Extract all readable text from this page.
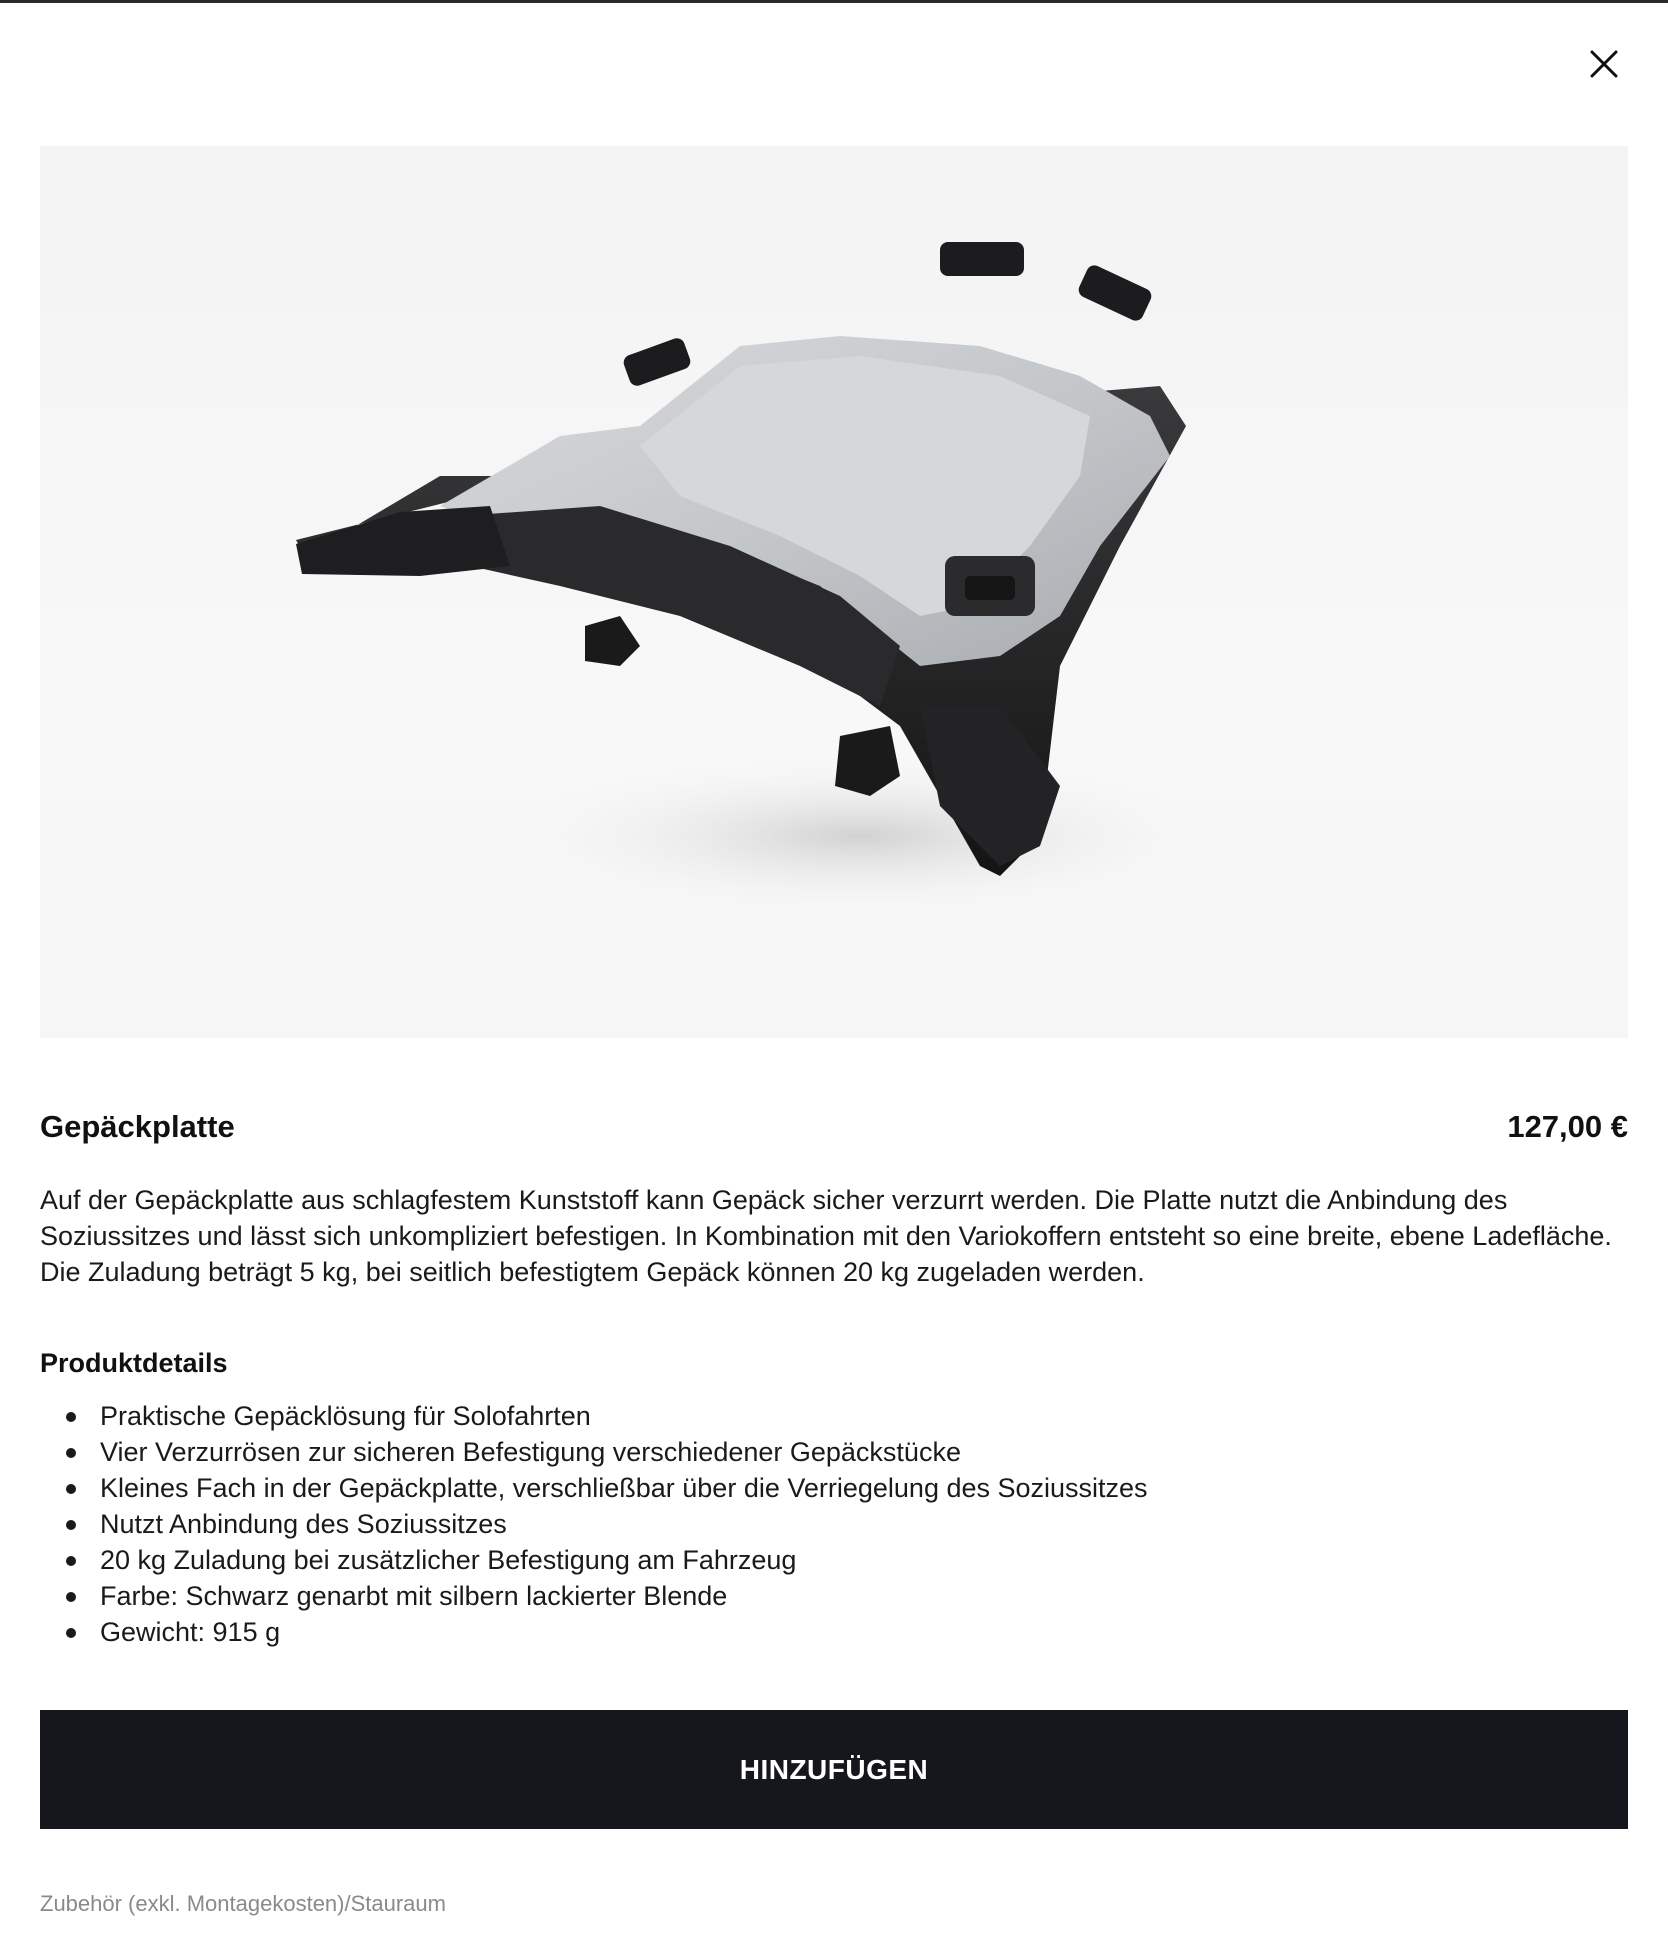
Gepäckplatte	127,00 €

Auf der Gepäckplatte aus schlagfestem Kunststoff kann Gepäck sicher verzurrt werden. Die Platte nutzt die Anbindung des Soziussitzes und lässt sich unkompliziert befestigen. In Kombination mit den Variokoffern entsteht so eine breite, ebene Ladefläche. Die Zuladung beträgt 5 kg, bei seitlich befestigtem Gepäck können 20 kg zugeladen werden.

Produktdetails
Praktische Gepäcklösung für Solofahrten
Vier Verzurrösen zur sicheren Befestigung verschiedener Gepäckstücke
Kleines Fach in der Gepäckplatte, verschließbar über die Verriegelung des Soziussitzes
Nutzt Anbindung des Soziussitzes
20 kg Zuladung bei zusätzlicher Befestigung am Fahrzeug
Farbe: Schwarz genarbt mit silbern lackierter Blende
Gewicht: 915 g
HINZUFÜGEN
Zubehör (exkl. Montagekosten)/Stauraum
